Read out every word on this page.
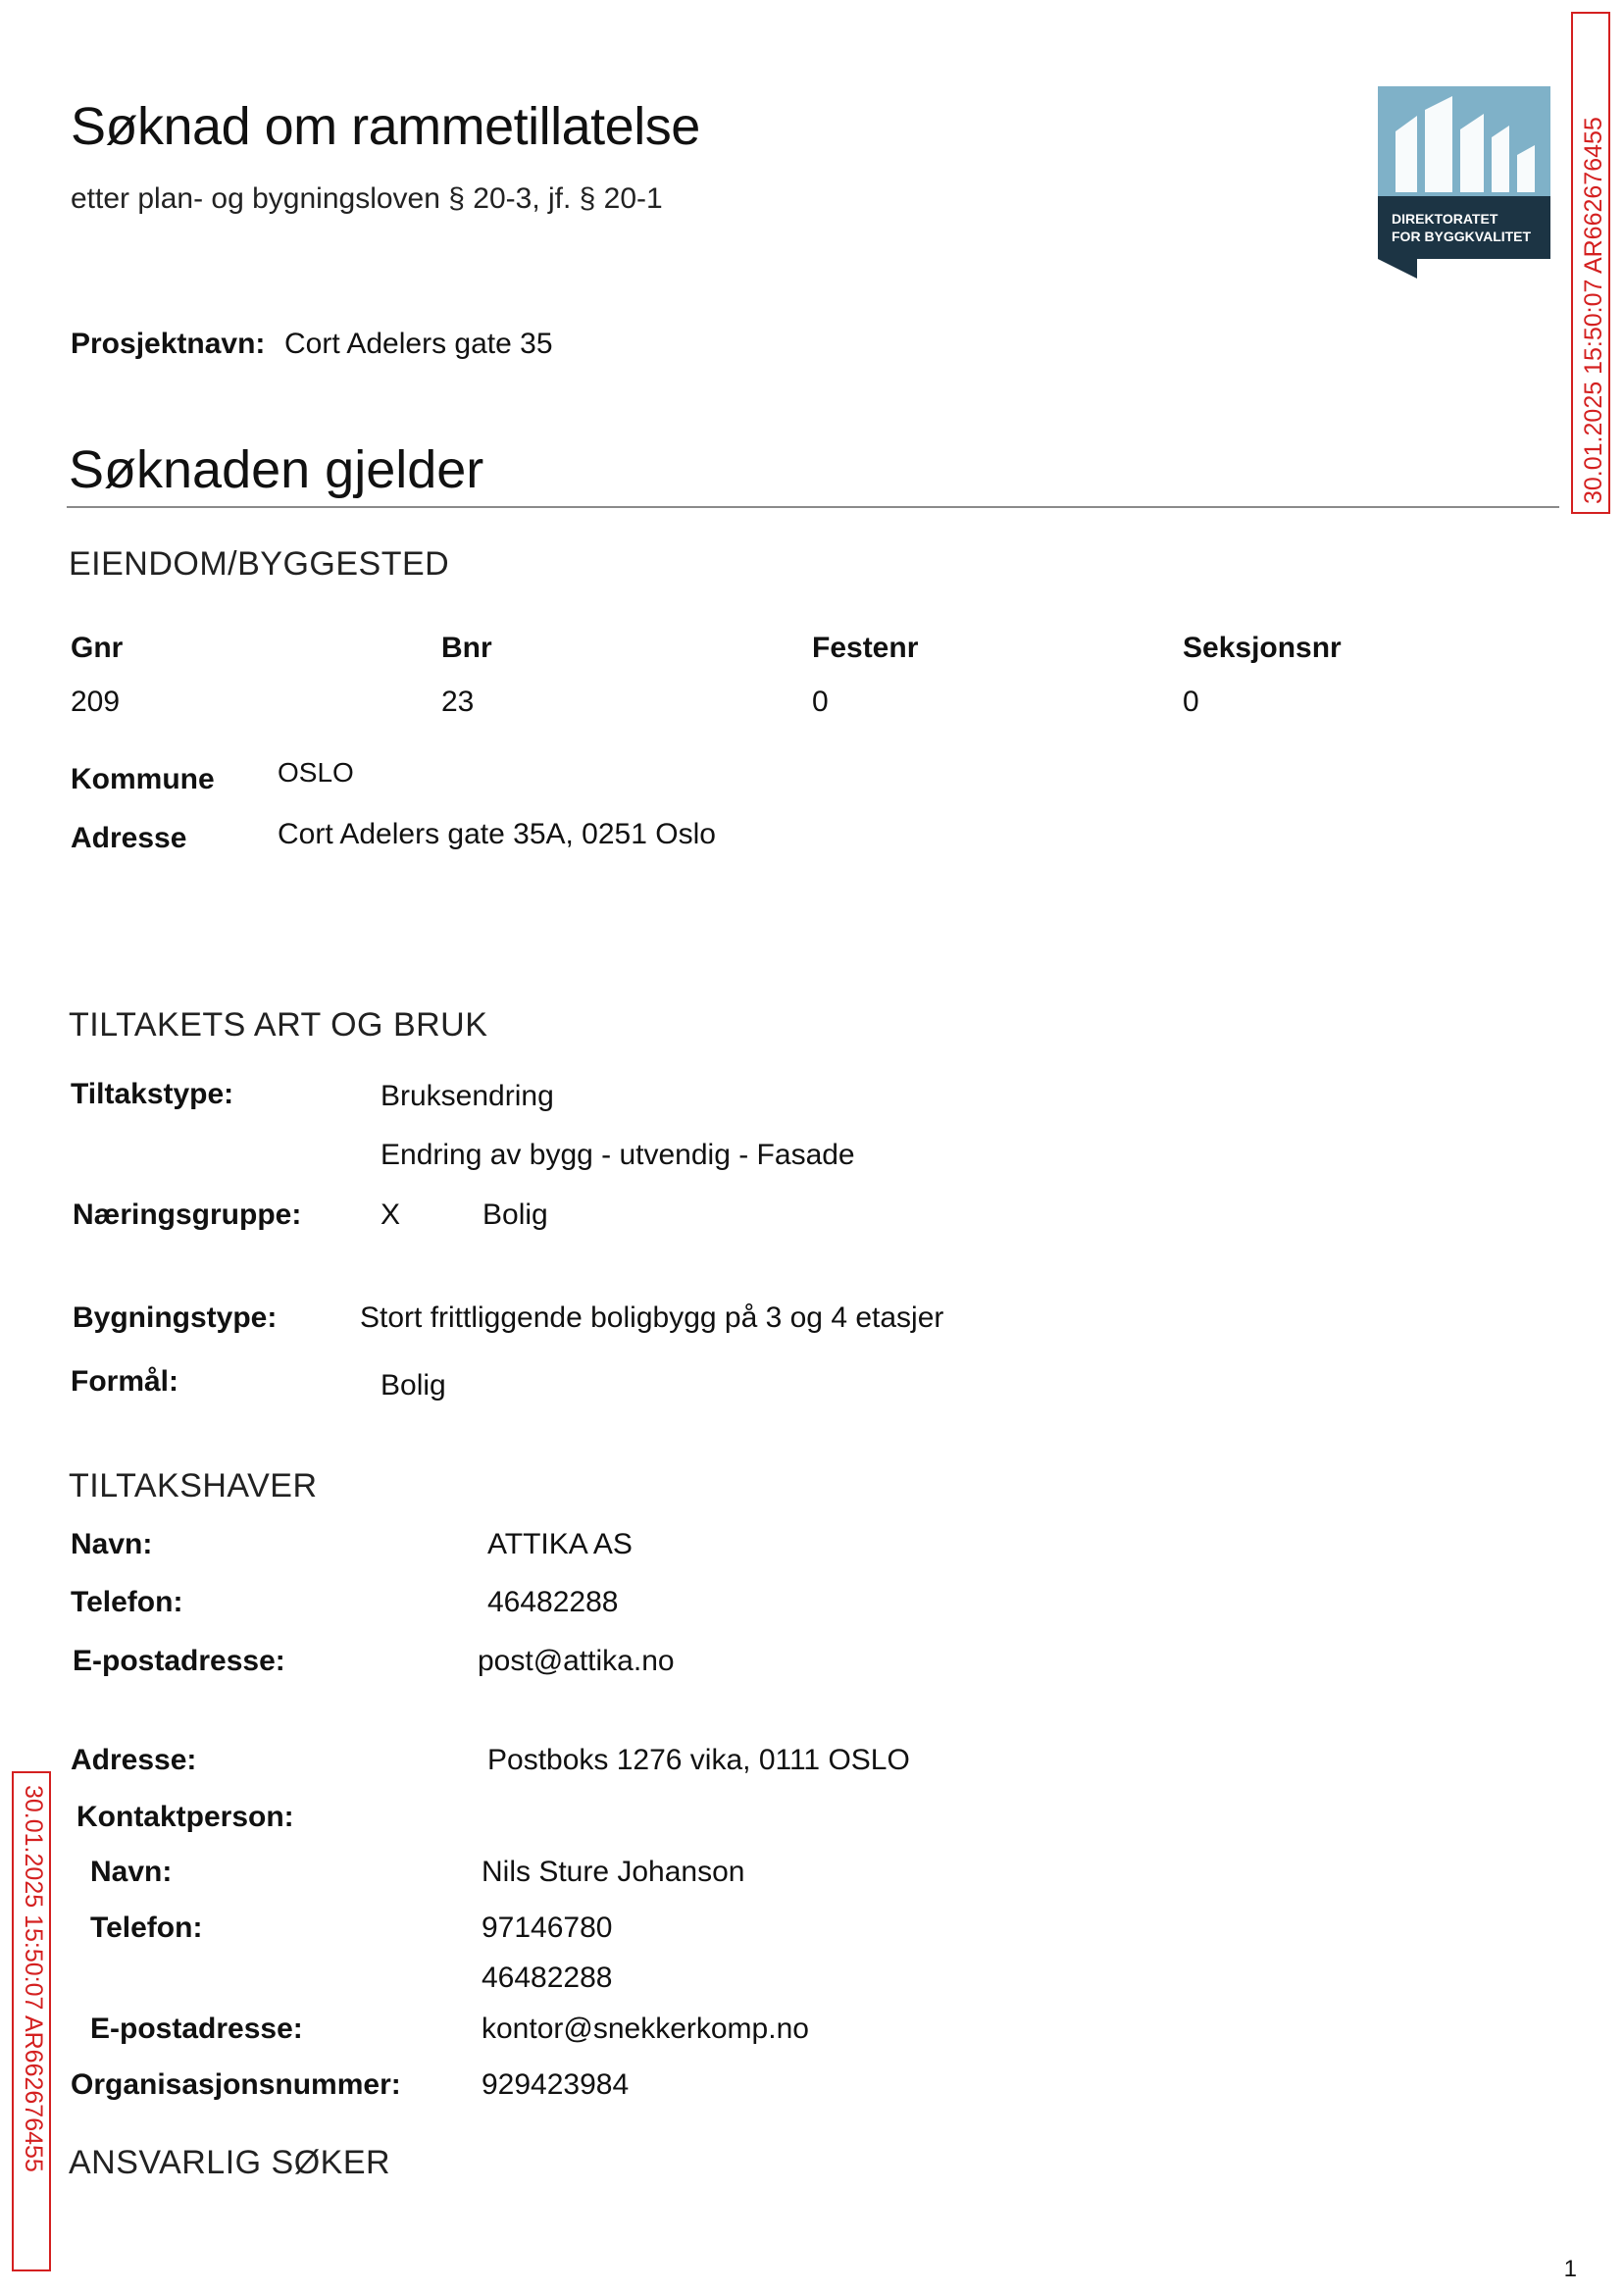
Søknad om rammetillatelse
etter plan- og bygningsloven § 20-3, jf. § 20-1
DIREKTORATET
FOR BYGGKVALITET 30.01.2025 15:50:07 AR662676455
30.01.2025 15:50:07 AR662676455
Prosjektnavn: Cort Adelers gate 35
Søknaden gjelder
EIENDOM/BYGGESTED
Gnr	Bnr	Festenr	Seksjonsnr
209	23	0	0
Kommune OSLO
Adresse	Cort Adelers gate 35A, 0251 Oslo
TILTAKETS ART OG BRUK
Tiltakstype:	Bruksendring
Endring av bygg - utvendig - Fasade
Næringsgruppe:	X	Bolig
Bygningstype:	Stort frittliggende boligbygg på 3 og 4 etasjer
Formål:	Bolig
TILTAKSHAVER
Navn:	ATTIKA AS
Telefon:	46482288
E-postadresse:	post@attika.no
Adresse:	Postboks 1276 vika, 0111 OSLO
Kontaktperson:
Navn:	Nils Sture Johanson
Telefon:	97146780
46482288
E-postadresse:	kontor@snekkerkomp.no
Organisasjonsnummer:	929423984
ANSVARLIG SØKER
1
